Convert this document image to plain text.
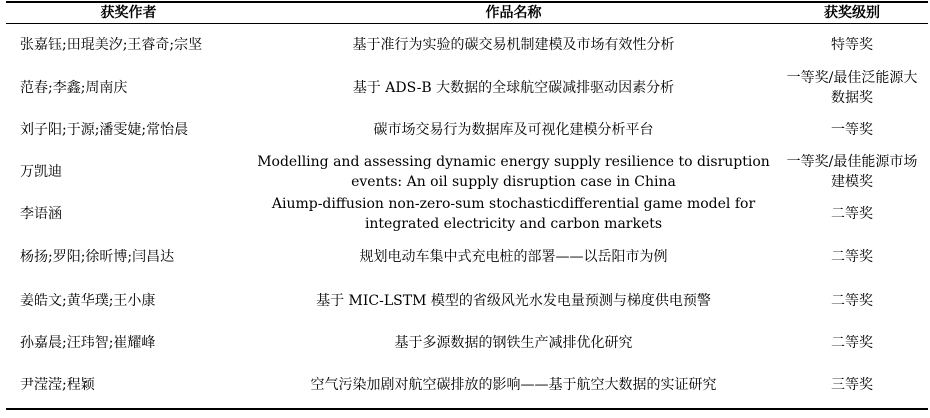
获奖作者	作品名称	获奖级别
张嘉钰;田琨美汐;王睿奇;宗坚	基于准行为实验的碳交易机制建模及市场有效性分析	特等奖
范春;李鑫;周南庆	基于 ADS-B 大数据的全球航空碳减排驱动因素分析	一等奖/最佳泛能源大数据奖
刘子阳;于源;潘雯婕;常怡晨	碳市场交易行为数据库及可视化建模分析平台	一等奖
万凯迪	Modelling and assessing dynamic energy supply resilience to disruption events: An oil supply disruption case in China	一等奖/最佳能源市场建模奖
李语涵	Aiump-diffusion non-zero-sum stochasticdifferential game model for integrated electricity and carbon markets	二等奖
杨扬;罗阳;徐昕博;闫昌达	规划电动车集中式充电桩的部署——以岳阳市为例	二等奖
姜皓文;黄华璞;王小康	基于 MIC-LSTM 模型的省级风光水发电量预测与梯度供电预警	二等奖
孙嘉晨;汪玮智;崔耀峰	基于多源数据的钢铁生产减排优化研究	二等奖
尹滢滢;程颖	空气污染加剧对航空碳排放的影响——基于航空大数据的实证研究	三等奖
